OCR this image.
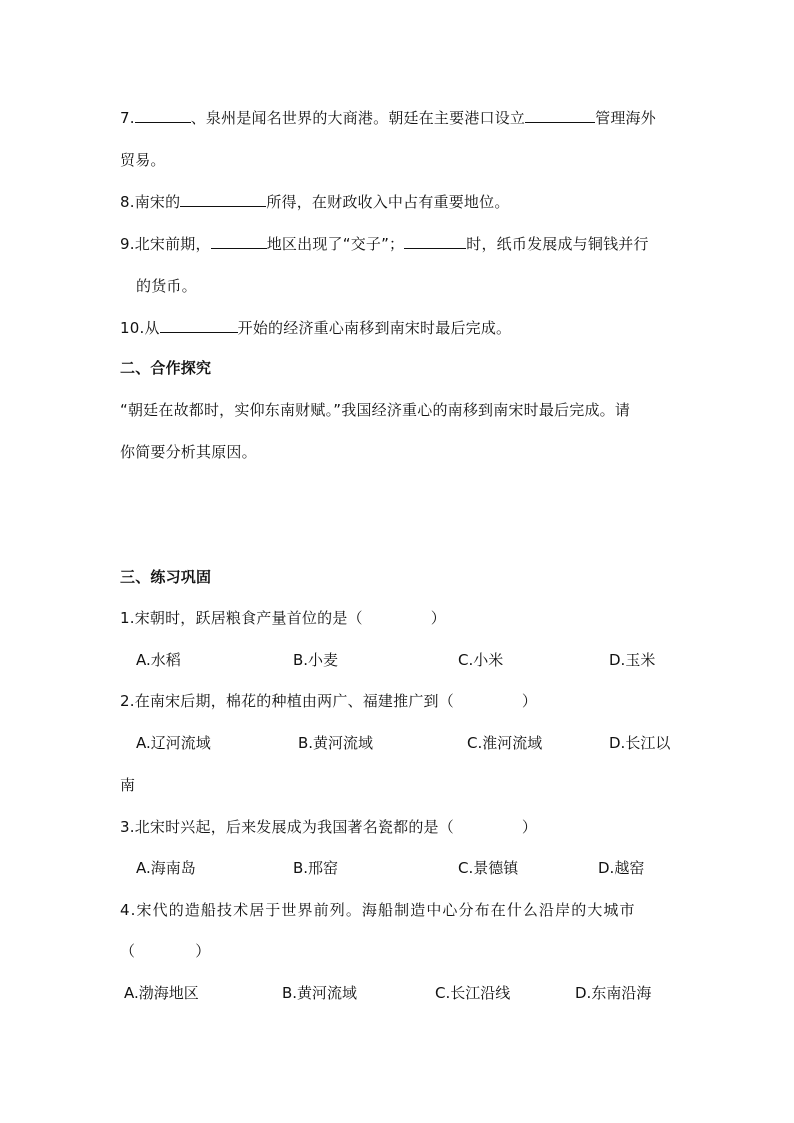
7.	、泉州是闻名世界的大商港。朝廷在主要港口设立	管理海外
贸易。
8.南宋的	所得，在财政收入中占有重要地位。
9.北宋前期，	地区出现了“交子”；	时，纸币发展成与铜钱并行
的货币。
10.从	开始的经济重心南移到南宋时最后完成。
二、合作探究
“朝廷在故都时，实仰东南财赋。”我国经济重心的南移到南宋时最后完成。请
你简要分析其原因。
三、练习巩固
1.宋朝时，跃居粮食产量首位的是（	）
A.水稻	B.小麦	C.小米	D.玉米
2.在南宋后期，棉花的种植由两广、福建推广到（	）
A.辽河流域	B.黄河流域	C.淮河流域	D.长江以
南
3.北宋时兴起，后来发展成为我国著名瓷都的是（	）
A.海南岛	B.邢窑	C.景德镇	D.越窑
4.宋代的造船技术居于世界前列。海船制造中心分布在什么沿岸的大城市
（	）
A.渤海地区	B.黄河流域	C.长江沿线	D.东南沿海
